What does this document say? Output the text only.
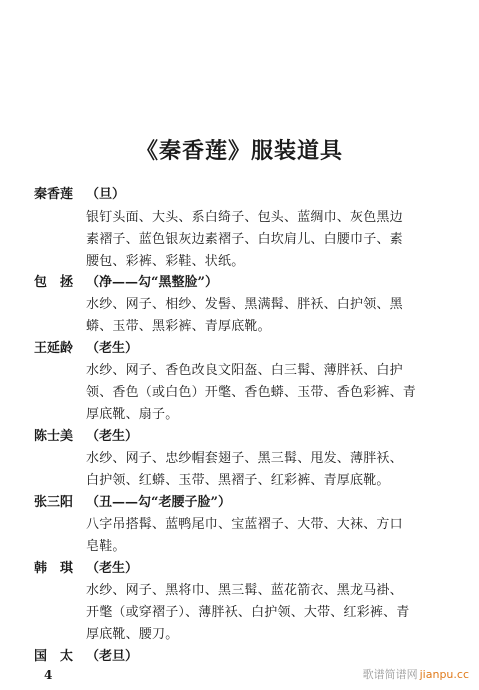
《秦香莲》服装道具
秦香莲 （旦）
银钉头面、大头、系白绮子、包头、蓝绸巾、灰色黑边
素褶子、蓝色银灰边素褶子、白坎肩儿、白腰巾子、素
腰包、彩裤、彩鞋、状纸。
包　拯 （净——勾“黑整脸”）
水纱、网子、相纱、发髻、黑满髯、胖袄、白护领、黑
蟒、玉带、黑彩裤、青厚底靴。
王延龄 （老生）
水纱、网子、香色改良文阳盔、白三髯、薄胖袄、白护
领、香色（或白色）开氅、香色蟒、玉带、香色彩裤、青
厚底靴、扇子。
陈士美 （老生）
水纱、网子、忠纱帽套翅子、黑三髯、甩发、薄胖袄、
白护领、红蟒、玉带、黑褶子、红彩裤、青厚底靴。
张三阳 （丑——勾“老腰子脸”）
八字吊搭髯、蓝鸭尾巾、宝蓝褶子、大带、大袜、方口
皂鞋。
韩　琪 （老生）
水纱、网子、黑将巾、黑三髯、蓝花箭衣、黑龙马褂、
开氅（或穿褶子）、薄胖袄、白护领、大带、红彩裤、青
厚底靴、腰刀。
国　太 （老旦）
4	歌谱简谱网 jianpu.cc
